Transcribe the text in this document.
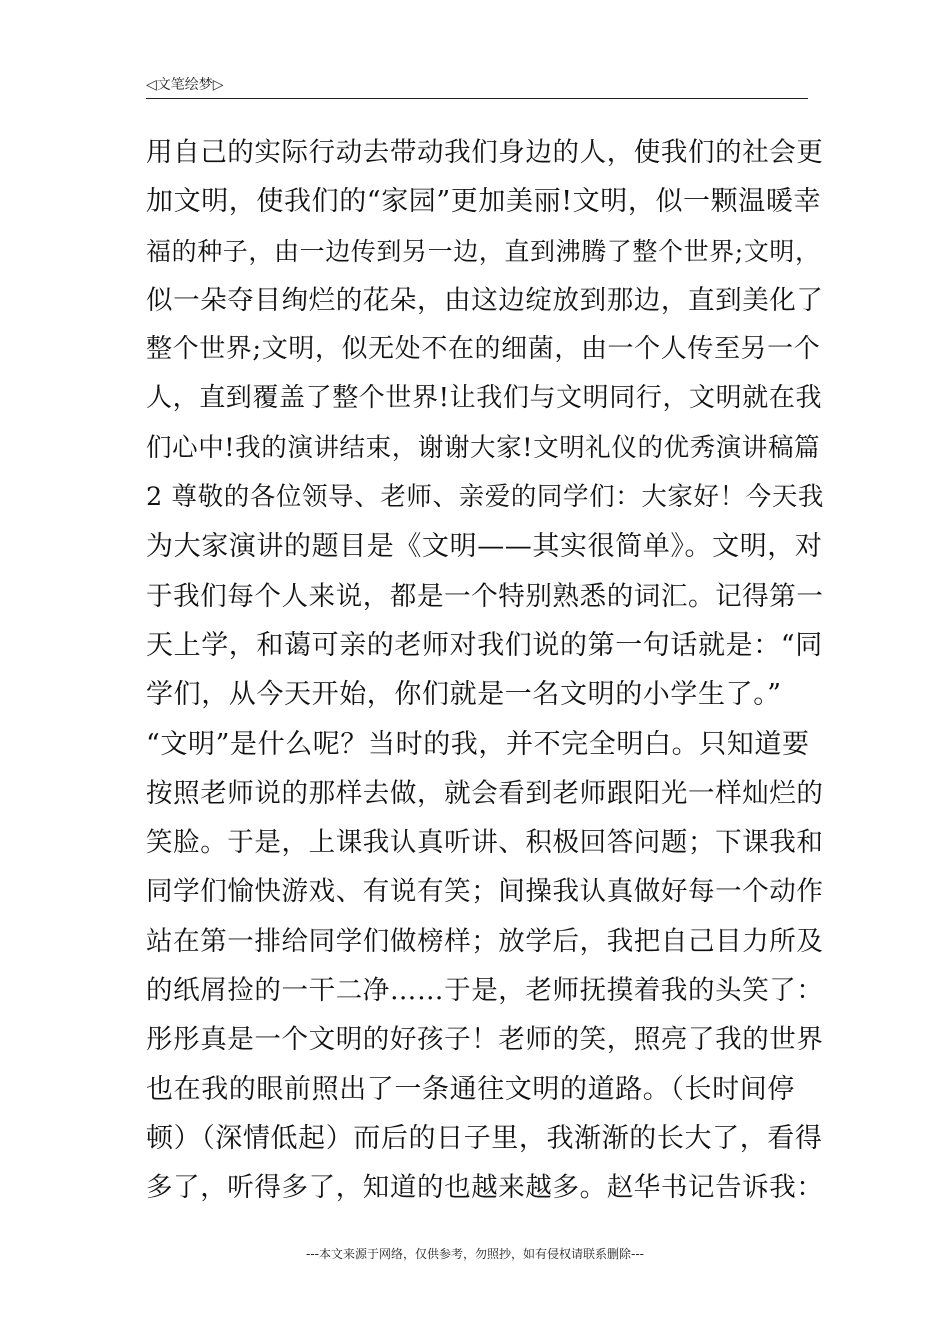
◁文笔绘梦▷
用自己的实际行动去带动我们身边的人，使我们的社会更
加文明，使我们的“家园”更加美丽!文明，似一颗温暖幸
福的种子，由一边传到另一边，直到沸腾了整个世界;文明，
似一朵夺目绚烂的花朵，由这边绽放到那边，直到美化了
整个世界;文明，似无处不在的细菌，由一个人传至另一个
人，直到覆盖了整个世界!让我们与文明同行，文明就在我
们心中!我的演讲结束，谢谢大家!文明礼仪的优秀演讲稿篇
2 尊敬的各位领导、老师、亲爱的同学们：大家好！今天我
为大家演讲的题目是《文明——其实很简单》。文明，对
于我们每个人来说，都是一个特别熟悉的词汇。记得第一
天上学，和蔼可亲的老师对我们说的第一句话就是：“同
学们，从今天开始，你们就是一名文明的小学生了。”
“文明”是什么呢？当时的我，并不完全明白。只知道要
按照老师说的那样去做，就会看到老师跟阳光一样灿烂的
笑脸。于是，上课我认真听讲、积极回答问题；下课我和
同学们愉快游戏、有说有笑；间操我认真做好每一个动作
站在第一排给同学们做榜样；放学后，我把自己目力所及
的纸屑捡的一干二净……于是，老师抚摸着我的头笑了：
彤彤真是一个文明的好孩子！老师的笑，照亮了我的世界
也在我的眼前照出了一条通往文明的道路。（长时间停
顿）（深情低起）而后的日子里，我渐渐的长大了，看得
多了，听得多了，知道的也越来越多。赵华书记告诉我：
---本文来源于网络，仅供参考，勿照抄，如有侵权请联系删除---
